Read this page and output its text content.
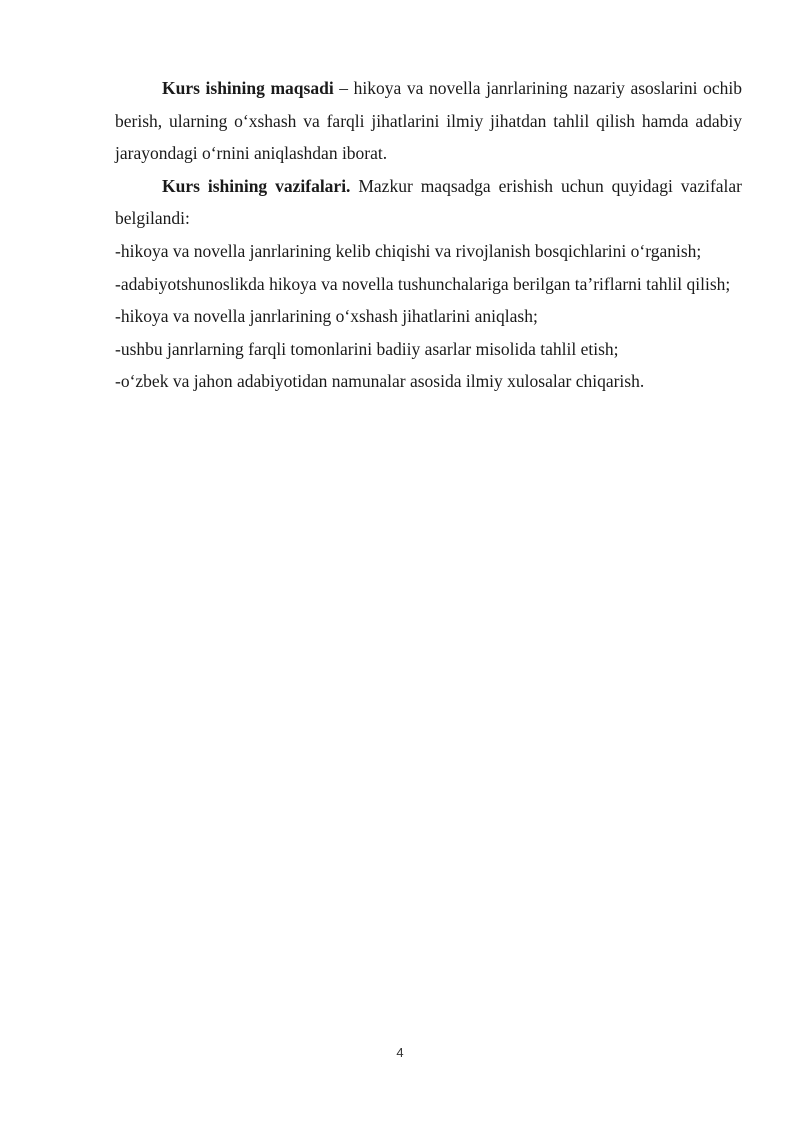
Kurs ishining maqsadi – hikoya va novella janrlarining nazariy asoslarini ochib berish, ularning o‘xshash va farqli jihatlarini ilmiy jihatdan tahlil qilish hamda adabiy jarayondagi o‘rnini aniqlashdan iborat.

Kurs ishining vazifalari. Mazkur maqsadga erishish uchun quyidagi vazifalar belgilandi:

-hikoya va novella janrlarining kelib chiqishi va rivojlanish bosqichlarini o‘rganish;

-adabiyotshunoslikda hikoya va novella tushunchalariga berilgan ta’riflarni tahlil qilish;

-hikoya va novella janrlarining o‘xshash jihatlarini aniqlash;

-ushbu janrlarning farqli tomonlarini badiiy asarlar misolida tahlil etish;

-o‘zbek va jahon adabiyotidan namunalar asosida ilmiy xulosalar chiqarish.

4
